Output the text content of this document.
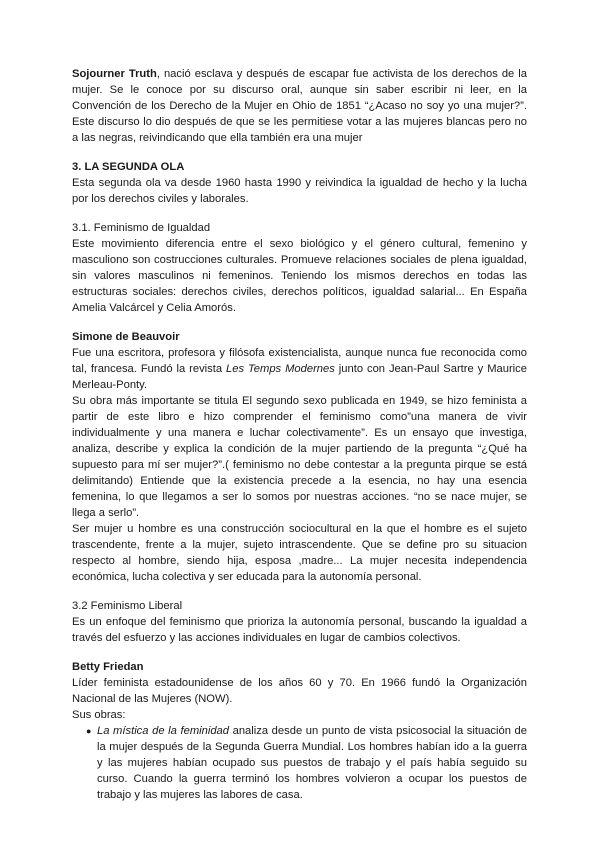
Sojourner Truth, nació esclava y después de escapar fue activista de los derechos de la mujer. Se le conoce por su discurso oral, aunque sin saber escribir ni leer, en la Convención de los Derecho de la Mujer en Ohio de 1851 “¿Acaso no soy yo una mujer?”. Este discurso lo dio después de que se les permitiese votar a las mujeres blancas pero no a las negras, reivindicando que ella también era una mujer

3. LA SEGUNDA OLA

Esta segunda ola va desde 1960 hasta 1990 y reivindica la igualdad de hecho y la lucha por los derechos civiles y laborales.

3.1. Feminismo de Igualdad

Este movimiento diferencia entre el sexo biológico y el género cultural, femenino y masculiono son costrucciones culturales. Promueve relaciones sociales de plena igualdad, sin valores masculinos ni femeninos. Teniendo los mismos derechos en todas las estructuras sociales: derechos civiles, derechos políticos, igualdad salarial... En España Amelia Valcárcel y Celia Amorós.

Simone de Beauvoir

Fue una escritora, profesora y filósofa existencialista, aunque nunca fue reconocida como tal, francesa. Fundó la revista Les Temps Modernes junto con Jean-Paul Sartre y Maurice Merleau-Ponty.

Su obra más importante se titula El segundo sexo publicada en 1949, se hizo feminista a partir de este libro e hizo comprender el feminismo como”una manera de vivir individualmente y una manera e luchar colectivamente”. Es un ensayo que investiga, analiza, describe y explica la condición de la mujer partiendo de la pregunta “¿Qué ha supuesto para mí ser mujer?”.( feminismo no debe contestar a la pregunta pirque se está delimitando) Entiende que la existencia precede a la esencia, no hay una esencia femenina, lo que llegamos a ser lo somos por nuestras acciones. “no se nace mujer, se llega a serlo”.

Ser mujer u hombre es una construcción sociocultural en la que el hombre es el sujeto trascendente, frente a la mujer, sujeto intrascendente. Que se define pro su situacion respecto al hombre, siendo hija, esposa ,madre... La mujer necesita independencia económica, lucha colectiva y ser educada para la autonomía personal.

3.2 Feminismo Liberal

Es un enfoque del feminismo que prioriza la autonomía personal, buscando la igualdad a través del esfuerzo y las acciones individuales en lugar de cambios colectivos.

Betty Friedan

Líder feminista estadounidense de los años 60 y 70. En 1966 fundó la Organización Nacional de las Mujeres (NOW).

Sus obras:

● La mística de la feminidad analiza desde un punto de vista psicosocial la situación de la mujer después de la Segunda Guerra Mundial. Los hombres habían ido a la guerra y las mujeres habían ocupado sus puestos de trabajo y el país había seguido su curso. Cuando la guerra terminó los hombres volvieron a ocupar los puestos de trabajo y las mujeres las labores de casa.
